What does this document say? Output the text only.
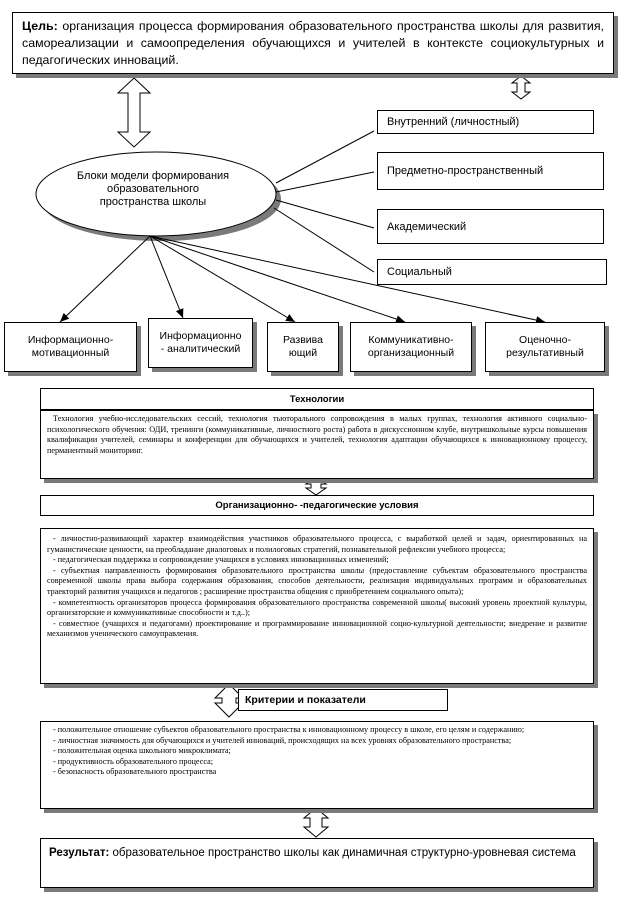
Цель: организация процесса формирования образовательного пространства школы для развития, самореализации и самоопределения обучающихся и учителей в контексте социокультурных и педагогических инноваций.
Внутренний (личностный)
Предметно-пространственный
Академический
Социальный
Блоки модели формирования
образовательного
пространства школы
Информационно-
мотивационный
Информационно
- аналитический
Развива
ющий
Коммуникативно-
организационный
Оценочно-
результативный
Технологии

Технология учебно-исследовательских сессий, технология тьюторального сопровождения в малых группах, технология активного социально-психологического обучения: ОДИ, тренинги (коммуникативные, личностного роста) работа в дискуссионном клубе, внутришкольные курсы повышения квалификации учителей, семинары и конференции для обучающихся и учителей, технология адаптации обучающихся к инновационному процессу, перманентный мониторинг.

Организационно- -педагогические условия

- личностно-развивающий характер взаимодействия участников образовательного процесса, с выработкой целей и задач, ориентированных на гуманистические ценности, на преобладание диалоговых и полилоговых стратегий, познавательной рефлексии учебного процесса;

- педагогическая поддержка и сопровождение учащихся в условиях инновационных изменений;

- субъектная направленность формирования образовательного пространства школы (предоставление субъектам образовательного пространства современной школы права выбора содержания образования, способов деятельности, реализация индивидуальных программ и образовательных траекторий развития учащихся и педагогов ; расширение пространства общения с приобретением социального опыта);

- компетентность организаторов процесса формирования образовательного пространства современной школы( высокий уровень проектной культуры, организаторские и коммуникативные способности и т.д..);

- совместное (учащихся и педагогами) проектирование и программирование инновационной социо-культурной деятельности; внедрение и развитие механизмов ученического самоуправления.

Критерии и показатели

- положительное отношение субъектов образовательного пространства к инновационному процессу в школе, его целям и содержанию;

- личностная значимость для обучающихся и учителей инноваций, происходящих на всех уровнях образовательного пространства;

- положительная оценка школьного микроклимата;

- продуктивность образовательного процесса;

- безопасность образовательного пространства

Результат: образовательное пространство школы как динамичная структурно-уровневая система
